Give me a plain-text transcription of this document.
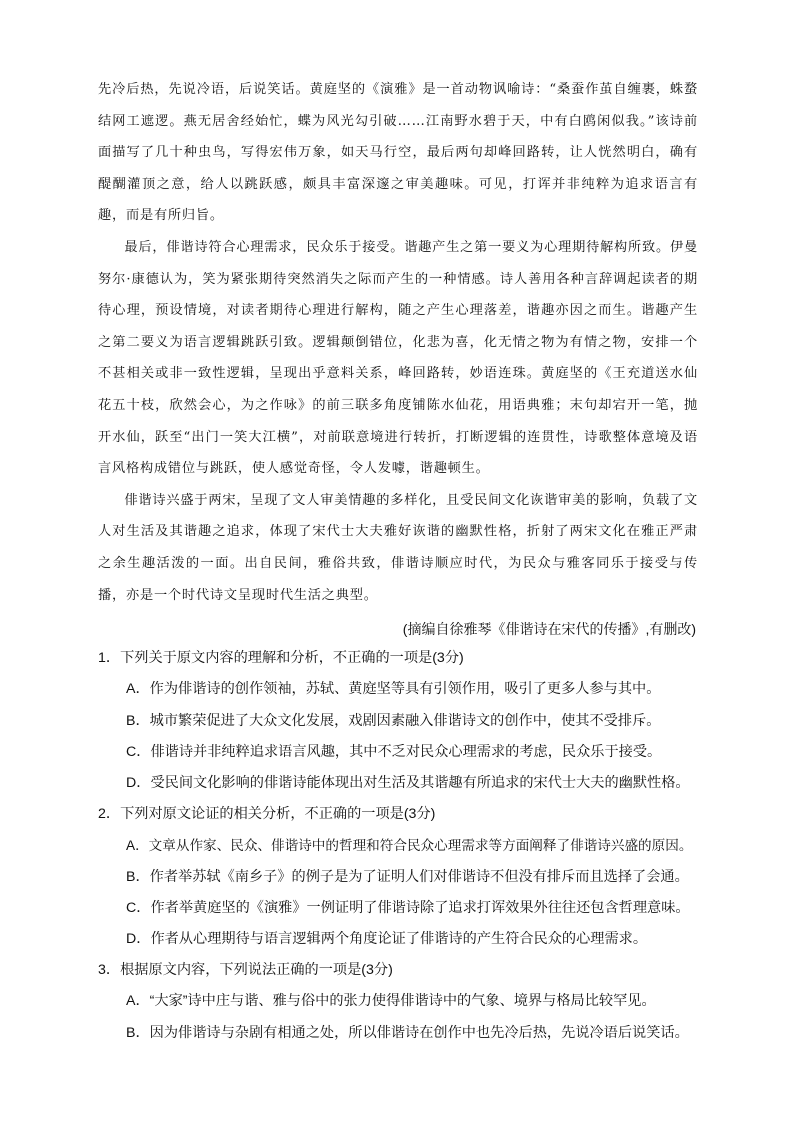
先冷后热，先说冷语，后说笑话。黄庭坚的《演雅》是一首动物讽喻诗：“桑蚕作茧自缠裹，蛛蝥结网工遮逻。燕无居舍经始忙，蝶为风光勾引破……江南野水碧于天，中有白鸥闲似我。”该诗前面描写了几十种虫鸟，写得宏伟万象，如天马行空，最后两句却峰回路转，让人恍然明白，确有醍醐灌顶之意，给人以跳跃感，颇具丰富深邃之审美趣味。可见，打诨并非纯粹为追求语言有趣，而是有所归旨。

最后，俳谐诗符合心理需求，民众乐于接受。谐趣产生之第一要义为心理期待解构所致。伊曼努尔·康德认为，笑为紧张期待突然消失之际而产生的一种情感。诗人善用各种言辞调起读者的期待心理，预设情境，对读者期待心理进行解构，随之产生心理落差，谐趣亦因之而生。谐趣产生之第二要义为语言逻辑跳跃引致。逻辑颠倒错位，化悲为喜，化无情之物为有情之物，安排一个不甚相关或非一致性逻辑，呈现出乎意料关系，峰回路转，妙语连珠。黄庭坚的《王充道送水仙花五十枝，欣然会心，为之作咏》的前三联多角度铺陈水仙花，用语典雅；末句却宕开一笔，抛开水仙，跃至“出门一笑大江横”，对前联意境进行转折，打断逻辑的连贯性，诗歌整体意境及语言风格构成错位与跳跃，使人感觉奇怪，令人发噱，谐趣顿生。

俳谐诗兴盛于两宋，呈现了文人审美情趣的多样化，且受民间文化诙谐审美的影响，负载了文人对生活及其谐趣之追求，体现了宋代士大夫雅好诙谐的幽默性格，折射了两宋文化在雅正严肃之余生趣活泼的一面。出自民间，雅俗共致，俳谐诗顺应时代，为民众与雅客同乐于接受与传播，亦是一个时代诗文呈现时代生活之典型。

(摘编自徐雅琴《俳谐诗在宋代的传播》,有删改)

1．下列关于原文内容的理解和分析，不正确的一项是(3分)

A．作为俳谐诗的创作领袖，苏轼、黄庭坚等具有引领作用，吸引了更多人参与其中。

B．城市繁荣促进了大众文化发展，戏剧因素融入俳谐诗文的创作中，使其不受排斥。

C．俳谐诗并非纯粹追求语言风趣，其中不乏对民众心理需求的考虑，民众乐于接受。

D．受民间文化影响的俳谐诗能体现出对生活及其谐趣有所追求的宋代士大夫的幽默性格。

2．下列对原文论证的相关分析，不正确的一项是(3分)

A．文章从作家、民众、俳谐诗中的哲理和符合民众心理需求等方面阐释了俳谐诗兴盛的原因。

B．作者举苏轼《南乡子》的例子是为了证明人们对俳谐诗不但没有排斥而且选择了会通。

C．作者举黄庭坚的《演雅》一例证明了俳谐诗除了追求打诨效果外往往还包含哲理意味。

D．作者从心理期待与语言逻辑两个角度论证了俳谐诗的产生符合民众的心理需求。

3．根据原文内容，下列说法正确的一项是(3分)

A．“大家”诗中庄与谐、雅与俗中的张力使得俳谐诗中的气象、境界与格局比较罕见。

B．因为俳谐诗与杂剧有相通之处，所以俳谐诗在创作中也先冷后热，先说冷语后说笑话。
